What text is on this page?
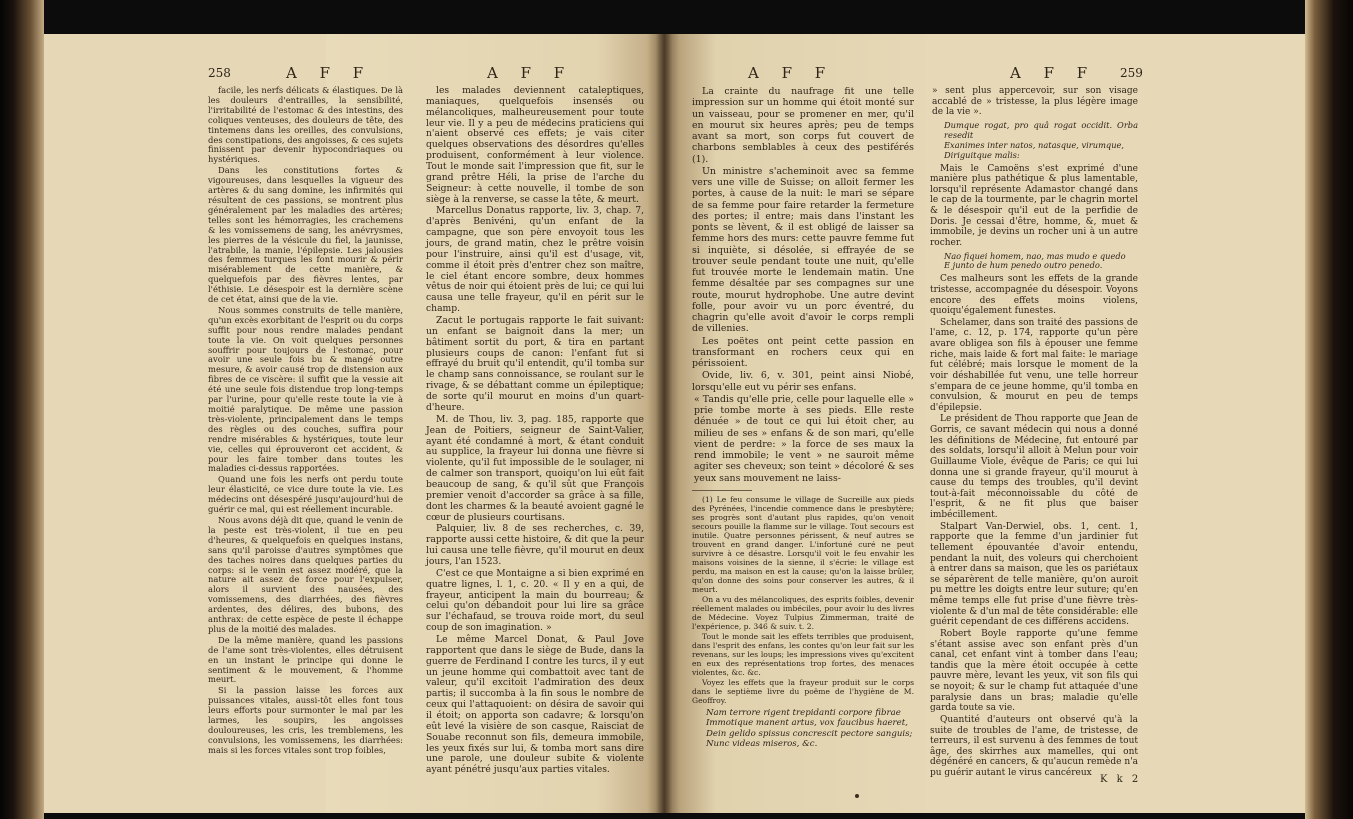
258	A F F	A F F	A F F	A F F 259

facile, les nerfs délicats & élastiques. De là les douleurs d'entrailles, la sensibilité, l'irritabilité de l'estomac & des intestins, des coliques venteuses, des douleurs de tête, des tintemens dans les oreilles, des convulsions, des constipations, des angoisses, & ces sujets finissent par devenir hypocondriaques ou hystériques.

Dans les constitutions fortes & vigoureuses, dans lesquelles la vigueur des artères & du sang domine, les infirmités qui résultent de ces passions, se montrent plus généralement par les maladies des artères; telles sont les hémorragies, les crachemens & les vomissemens de sang, les anévrysmes, les pierres de la vésicule du fiel, la jaunisse, l'atrabile, la manie, l'épilepsie. Les jalousies des femmes turques les font mourir & périr misérablement de cette manière, & quelquefois par des fièvres lentes, par l'éthisie. Le désespoir est la dernière scène de cet état, ainsi que de la vie.

Nous sommes construits de telle manière, qu'un excès exorbitant de l'esprit ou du corps suffit pour nous rendre malades pendant toute la vie. On voit quelques personnes souffrir pour toujours de l'estomac, pour avoir une seule fois bu & mangé outre mesure, & avoir causé trop de distension aux fibres de ce viscère: il suffit que la vessie ait été une seule fois distendue trop long-temps par l'urine, pour qu'elle reste toute la vie à moitié paralytique. De même une passion très-violente, principalement dans le temps des règles ou des couches, suffira pour rendre misérables & hystériques, toute leur vie, celles qui éprouveront cet accident, & pour les faire tomber dans toutes les maladies ci-dessus rapportées.

Quand une fois les nerfs ont perdu toute leur élasticité, ce vice dure toute la vie. Les médecins ont désespéré jusqu'aujourd'hui de guérir ce mal, qui est réellement incurable.

Nous avons déjà dit que, quand le venin de la peste est très-violent, il tue en peu d'heures, & quelquefois en quelques instans, sans qu'il paroisse d'autres symptômes que des taches noires dans quelques parties du corps: si le venin est assez modéré, que la nature ait assez de force pour l'expulser, alors il survient des nausées, des vomissemens, des diarrhées, des fièvres ardentes, des délires, des bubons, des anthrax: de cette espèce de peste il échappe plus de la moitié des malades.

De la même manière, quand les passions de l'ame sont très-violentes, elles détruisent en un instant le principe qui donne le sentiment & le mouvement, & l'homme meurt.

Si la passion laisse les forces aux puissances vitales, aussi-tôt elles font tous leurs efforts pour surmonter le mal par les larmes, les soupirs, les angoisses douloureuses, les cris, les tremblemens, les convulsions, les vomissemens, les diarrhées: mais si les forces vitales sont trop foibles,

les malades deviennent cataleptiques, maniaques, quelquefois insensés ou mélancoliques, malheureusement pour toute leur vie. Il y a peu de médecins praticiens qui n'aient observé ces effets; je vais citer quelques observations des désordres qu'elles produisent, conformément à leur violence. Tout le monde sait l'impression que fit, sur le grand prêtre Héli, la prise de l'arche du Seigneur: à cette nouvelle, il tombe de son siège à la renverse, se casse la tête, & meurt.

Marcellus Donatus rapporte, liv. 3, chap. 7, d'après Benivéni, qu'un enfant de la campagne, que son père envoyoit tous les jours, de grand matin, chez le prêtre voisin pour l'instruire, ainsi qu'il est d'usage, vit, comme il étoit près d'entrer chez son maître, le ciel étant encore sombre, deux hommes vêtus de noir qui étoient près de lui; ce qui lui causa une telle frayeur, qu'il en périt sur le champ.

Zacut le portugais rapporte le fait suivant: un enfant se baignoit dans la mer; un bâtiment sortit du port, & tira en partant plusieurs coups de canon: l'enfant fut si effrayé du bruit qu'il entendit, qu'il tomba sur le champ sans connoissance, se roulant sur le rivage, & se débattant comme un épileptique; de sorte qu'il mourut en moins d'un quart-d'heure.

M. de Thou, liv. 3, pag. 185, rapporte que Jean de Poitiers, seigneur de Saint-Valier, ayant été condamné à mort, & étant conduit au supplice, la frayeur lui donna une fièvre si violente, qu'il fut impossible de le soulager, ni de calmer son transport, quoiqu'on lui eût fait beaucoup de sang, & qu'il sût que François premier venoit d'accorder sa grâce à sa fille, dont les charmes & la beauté avoient gagné le cœur de plusieurs courtisans.

Palquier, liv. 8 de ses recherches, c. 39, rapporte aussi cette histoire, & dit que la peur lui causa une telle fièvre, qu'il mourut en deux jours, l'an 1523.

C'est ce que Montaigne a si bien exprimé en quatre lignes, l. 1, c. 20. « Il y en a qui, de frayeur, anticipent la main du bourreau; & celui qu'on débandoit pour lui lire sa grâce sur l'échafaud, se trouva roide mort, du seul coup de son imagination. »

Le même Marcel Donat, & Paul Jove rapportent que dans le siège de Bude, dans la guerre de Ferdinand I contre les turcs, il y eut un jeune homme qui combattoit avec tant de valeur, qu'il excitoit l'admiration des deux partis; il succomba à la fin sous le nombre de ceux qui l'attaquoient: on désira de savoir qui il étoit; on apporta son cadavre; & lorsqu'on eût levé la visière de son casque, Raisciat de Souabe reconnut son fils, demeura immobile, les yeux fixés sur lui, & tomba mort sans dire une parole, une douleur subite & violente ayant pénétré jusqu'aux parties vitales.

La crainte du naufrage fit une telle impression sur un homme qui étoit monté sur un vaisseau, pour se promener en mer, qu'il en mourut six heures après; peu de temps avant sa mort, son corps fut couvert de charbons semblables à ceux des pestiférés (1).

Un ministre s'acheminoit avec sa femme vers une ville de Suisse; on alloit fermer les portes, à cause de la nuit: le mari se sépare de sa femme pour faire retarder la fermeture des portes; il entre; mais dans l'instant les ponts se lèvent, & il est obligé de laisser sa femme hors des murs: cette pauvre femme fut si inquiète, si désolée, si effrayée de se trouver seule pendant toute une nuit, qu'elle fut trouvée morte le lendemain matin. Une femme désaltée par ses compagnes sur une route, mourut hydrophobe. Une autre devint folle, pour avoir vu un porc éventré, du chagrin qu'elle avoit d'avoir le corps rempli de villenies.

Les poëtes ont peint cette passion en transformant en rochers ceux qui en périssoient.

Ovide, liv. 6, v. 301, peint ainsi Niobé, lorsqu'elle eut vu périr ses enfans.

« Tandis qu'elle prie, celle pour laquelle elle » prie tombe morte à ses pieds. Elle reste dénuée » de tout ce qui lui étoit cher, au milieu de ses » enfans & de son mari, qu'elle vient de perdre: » la force de ses maux la rend immobile; le vent » ne sauroit même agiter ses cheveux; son teint » décoloré & ses yeux sans mouvement ne laiss-

(1) Le feu consume le village de Sucreille aux pieds des Pyrénées, l'incendie commence dans le presbytère; ses progrès sont d'autant plus rapides, qu'on venoit secours pouille la flamme sur le village. Tout secours est inutile. Quatre personnes périssent, & neuf autres se trouvent en grand danger. L'infortuné curé ne peut survivre à ce désastre. Lorsqu'il voit le feu envahir les maisons voisines de la sienne, il s'écrie: le village est perdu, ma maison en est la cause; qu'on la laisse brûler, qu'on donne des soins pour conserver les autres, & il meurt.

On a vu des mélancoliques, des esprits foibles, devenir réellement malades ou imbéciles, pour avoir lu des livres de Médecine. Voyez Tulpius Zimmerman, traité de l'expérience, p. 346 & suiv. t. 2.

Tout le monde sait les effets terribles que produisent, dans l'esprit des enfans, les contes qu'on leur fait sur les revenans, sur les loups; les impressions vives qu'excitent en eux des représentations trop fortes, des menaces violentes, &c. &c.

Voyez les effets que la frayeur produit sur le corps dans le septième livre du poëme de l'hygiène de M. Geoffroy.

Nam terrore rigent trepidanti corpore fibrae
Immotique manent artus, vox faucibus haeret,
Dein gelido spissus concrescit pectore sanguis;
Nunc videas miseros, &c.

» sent plus appercevoir, sur son visage accablé de » tristesse, la plus légère image de la vie ».

Dumque rogat, pro quâ rogat occidit. Orba resedit
Exanimes inter natos, natasque, virumque,
Diriguitque malis:

Mais le Camoëns s'est exprimé d'une manière plus pathétique & plus lamentable, lorsqu'il représente Adamastor changé dans le cap de la tourmente, par le chagrin mortel & le désespoir qu'il eut de la perfidie de Doris. Je cessai d'être, homme, &, muet & immobile, je devins un rocher uni à un autre rocher.

Nao fiquei homem, nao, mas mudo e quedo
E junto de hum penedo outro penedo.

Ces malheurs sont les effets de la grande tristesse, accompagnée du désespoir. Voyons encore des effets moins violens, quoiqu'également funestes.

Schelamer, dans son traité des passions de l'ame, c. 12, p. 174, rapporte qu'un père avare obligea son fils à épouser une femme riche, mais laide & fort mal faite: le mariage fut célébré; mais lorsque le moment de la voir déshabillée fut venu, une telle horreur s'empara de ce jeune homme, qu'il tomba en convulsion, & mourut en peu de temps d'épilepsie.

Le président de Thou rapporte que Jean de Gorris, ce savant médecin qui nous a donné les définitions de Médecine, fut entouré par des soldats, lorsqu'il alloit à Melun pour voir Guillaume Viole, évêque de Paris; ce qui lui donna une si grande frayeur, qu'il mourut à cause du temps des troubles, qu'il devint tout-à-fait méconnoissable du côté de l'esprit, & ne fit plus que baiser imbécillement.

Stalpart Van-Derwiel, obs. 1, cent. 1, rapporte que la femme d'un jardinier fut tellement épouvantée d'avoir entendu, pendant la nuit, des voleurs qui cherchoient à entrer dans sa maison, que les os pariétaux se séparèrent de telle manière, qu'on auroit pu mettre les doigts entre leur suture; qu'en même temps elle fut prise d'une fièvre très-violente & d'un mal de tête considérable: elle guérit cependant de ces différens accidens.

Robert Boyle rapporte qu'une femme s'étant assise avec son enfant près d'un canal, cet enfant vint à tomber dans l'eau; tandis que la mère étoit occupée à cette pauvre mère, levant les yeux, vit son fils qui se noyoit; & sur le champ fut attaquée d'une paralysie dans un bras; maladie qu'elle garda toute sa vie.

Quantité d'auteurs ont observé qu'à la suite de troubles de l'ame, de tristesse, de terreurs, il est survenu à des femmes de tout âge, des skirrhes aux mamelles, qui ont dégénéré en cancers, & qu'aucun remède n'a pu guérir autant le virus cancéreux

K k 2
